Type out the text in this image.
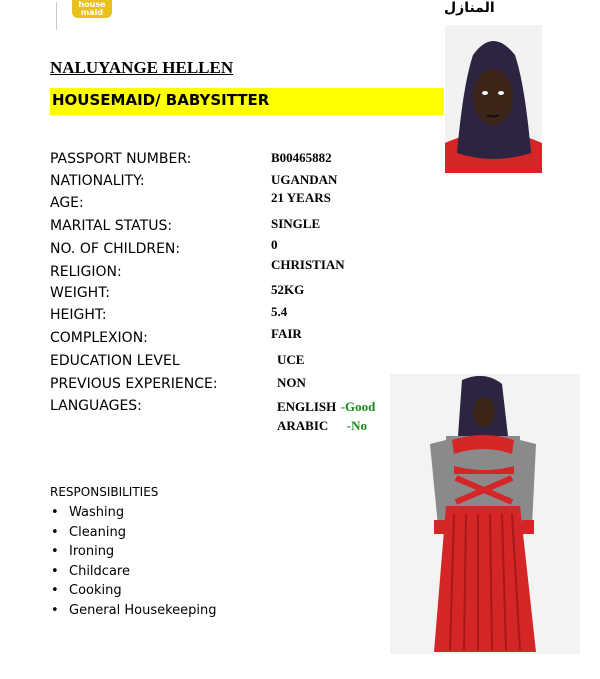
house
maid	المنازل
NALUYANGE HELLEN
HOUSEMAID/ BABYSITTER
PASSPORT NUMBER:
NATIONALITY:
AGE:
MARITAL STATUS:
NO. OF CHILDREN:
RELIGION:
WEIGHT:
HEIGHT:
COMPLEXION:
EDUCATION LEVEL
PREVIOUS EXPERIENCE:
LANGUAGES:
B00465882
UGANDAN
21 YEARS
SINGLE
0
CHRISTIAN
52KG
5.4
FAIR
UCE
NON
ENGLISH -Good
ARABIC -No
RESPONSIBILITIES
• Washing
• Cleaning
• Ironing
• Childcare
• Cooking
• General Housekeeping
